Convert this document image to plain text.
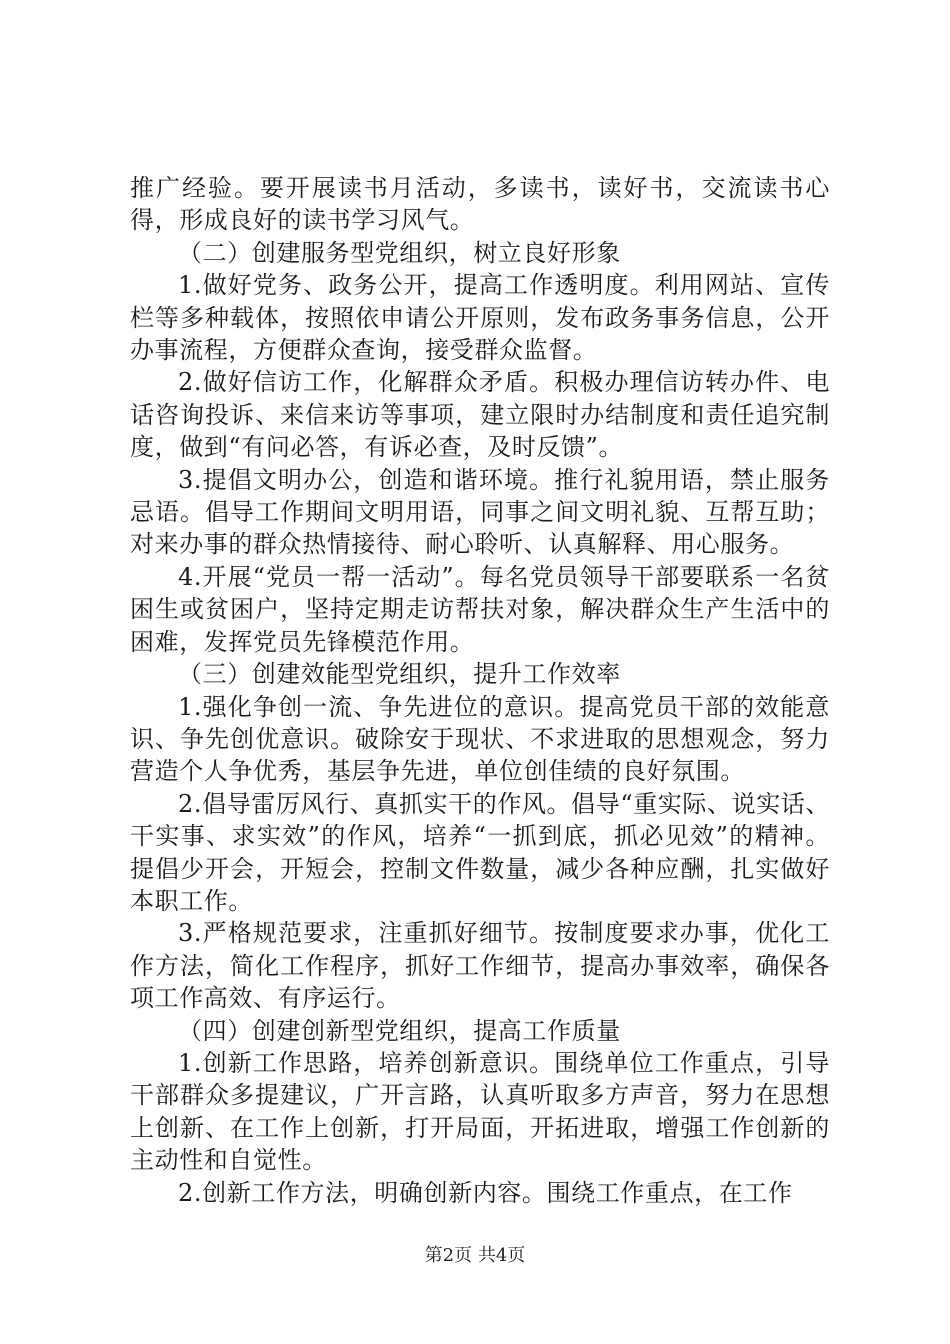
推广经验。要开展读书月活动，多读书，读好书，交流读书心得，形成良好的读书学习风气。

（二）创建服务型党组织，树立良好形象

1.做好党务、政务公开，提高工作透明度。利用网站、宣传栏等多种载体，按照依申请公开原则，发布政务事务信息，公开办事流程，方便群众查询，接受群众监督。

2.做好信访工作，化解群众矛盾。积极办理信访转办件、电话咨询投诉、来信来访等事项，建立限时办结制度和责任追究制度，做到“有问必答，有诉必查，及时反馈”。

3.提倡文明办公，创造和谐环境。推行礼貌用语，禁止服务忌语。倡导工作期间文明用语，同事之间文明礼貌、互帮互助；对来办事的群众热情接待、耐心聆听、认真解释、用心服务。

4.开展“党员一帮一活动”。每名党员领导干部要联系一名贫困生或贫困户，坚持定期走访帮扶对象，解决群众生产生活中的困难，发挥党员先锋模范作用。

（三）创建效能型党组织，提升工作效率

1.强化争创一流、争先进位的意识。提高党员干部的效能意识、争先创优意识。破除安于现状、不求进取的思想观念，努力营造个人争优秀，基层争先进，单位创佳绩的良好氛围。

2.倡导雷厉风行、真抓实干的作风。倡导“重实际、说实话、干实事、求实效”的作风，培养“一抓到底，抓必见效”的精神。提倡少开会，开短会，控制文件数量，减少各种应酬，扎实做好本职工作。

3.严格规范要求，注重抓好细节。按制度要求办事，优化工作方法，简化工作程序，抓好工作细节，提高办事效率，确保各项工作高效、有序运行。

（四）创建创新型党组织，提高工作质量

1.创新工作思路，培养创新意识。围绕单位工作重点，引导干部群众多提建议，广开言路，认真听取多方声音，努力在思想上创新、在工作上创新，打开局面，开拓进取，增强工作创新的主动性和自觉性。

2.创新工作方法，明确创新内容。围绕工作重点，在工作

第2页 共4页
